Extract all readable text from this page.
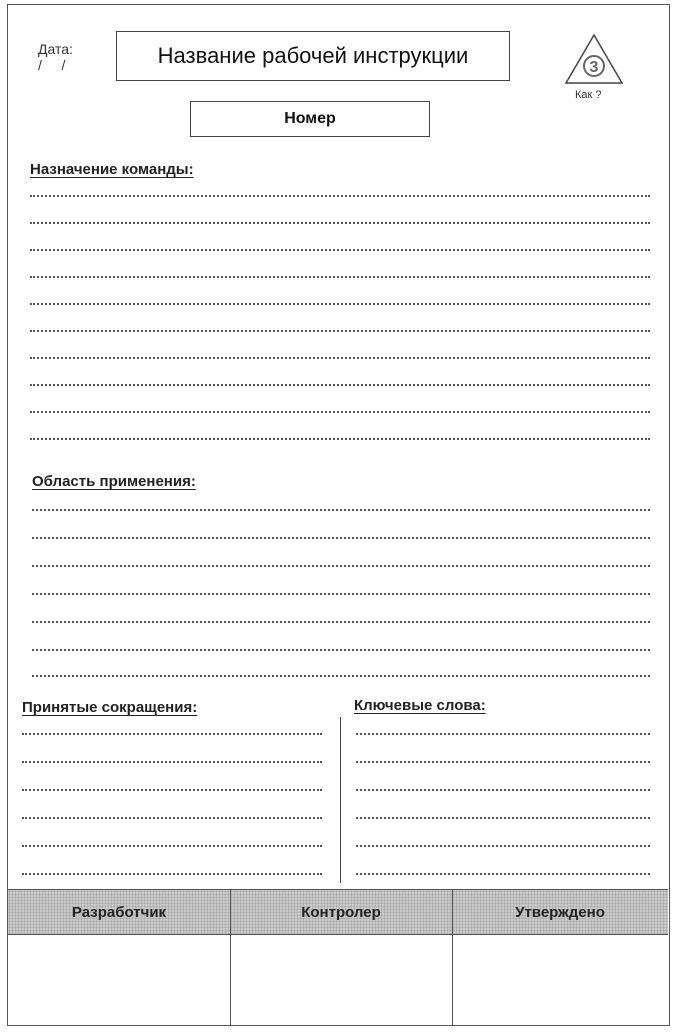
Дата:
/   /	Название рабочей инструкции	3
Как ?
Номер
Назначение команды:
Область применения:
Принятые сокращения:	Ключевые слова:
Разработчик	Контролер	Утверждено
